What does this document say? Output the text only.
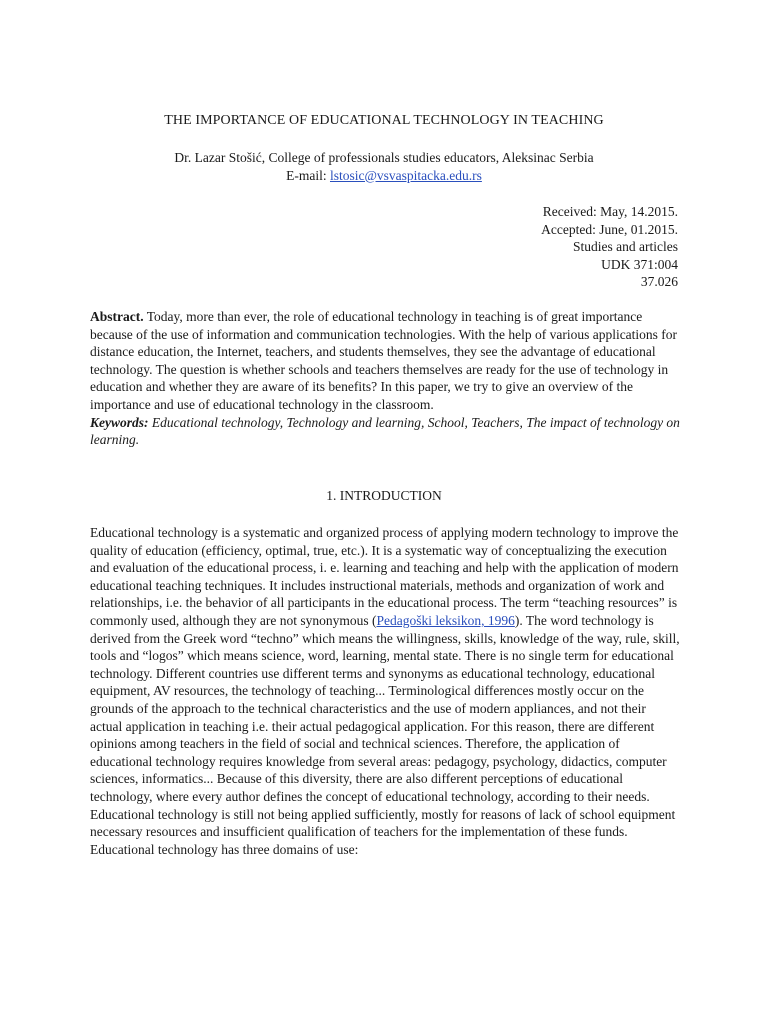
THE IMPORTANCE OF EDUCATIONAL TECHNOLOGY IN TEACHING
Dr. Lazar Stošić, College of professionals studies educators, Aleksinac Serbia
E-mail: lstosic@vsvaspitacka.edu.rs
Received: May, 14.2015.
Accepted: June, 01.2015.
Studies and articles
UDK 371:004
37.026

Abstract. Today, more than ever, the role of educational technology in teaching is of great importance because of the use of information and communication technologies. With the help of various applications for distance education, the Internet, teachers, and students themselves, they see the advantage of educational technology. The question is whether schools and teachers themselves are ready for the use of technology in education and whether they are aware of its benefits? In this paper, we try to give an overview of the importance and use of educational technology in the classroom.

Keywords: Educational technology, Technology and learning, School, Teachers, The impact of technology on learning.

1. INTRODUCTION

Educational technology is a systematic and organized process of applying modern technology to improve the quality of education (efficiency, optimal, true, etc.). It is a systematic way of conceptualizing the execution and evaluation of the educational process, i. e. learning and teaching and help with the application of modern educational teaching techniques. It includes instructional materials, methods and organization of work and relationships, i.e. the behavior of all participants in the educational process. The term “teaching resources” is commonly used, although they are not synonymous (Pedagoški leksikon, 1996). The word technology is derived from the Greek word “techno” which means the willingness, skills, knowledge of the way, rule, skill, tools and “logos” which means science, word, learning, mental state. There is no single term for educational technology. Different countries use different terms and synonyms as educational technology, educational equipment, AV resources, the technology of teaching... Terminological differences mostly occur on the grounds of the approach to the technical characteristics and the use of modern appliances, and not their actual application in teaching i.e. their actual pedagogical application. For this reason, there are different opinions among teachers in the field of social and technical sciences. Therefore, the application of educational technology requires knowledge from several areas: pedagogy, psychology, didactics, computer sciences, informatics... Because of this diversity, there are also different perceptions of educational technology, where every author defines the concept of educational technology, according to their needs. Educational technology is still not being applied sufficiently, mostly for reasons of lack of school equipment necessary resources and insufficient qualification of teachers for the implementation of these funds.

Educational technology has three domains of use:
